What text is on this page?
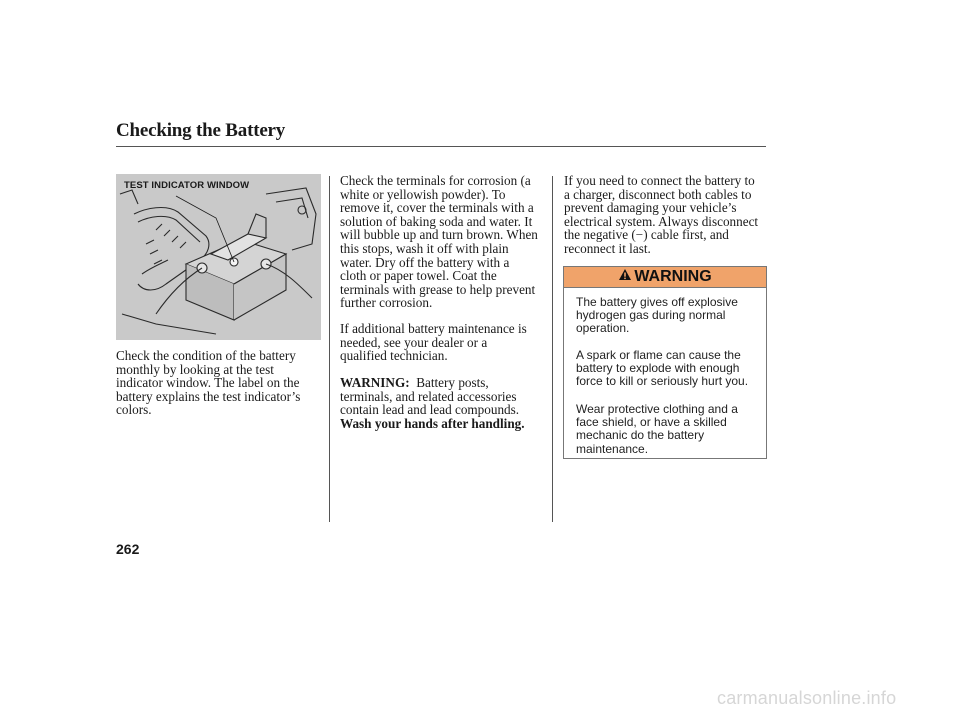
Checking the Battery
TEST INDICATOR WINDOW

Check the condition of the battery
monthly by looking at the test
indicator window. The label on the
battery explains the test indicator’s
colors.

Check the terminals for corrosion (a
white or yellowish powder). To
remove it, cover the terminals with a
solution of baking soda and water. It
will bubble up and turn brown. When
this stops, wash it off with plain
water. Dry off the battery with a
cloth or paper towel. Coat the
terminals with grease to help prevent
further corrosion.

If additional battery maintenance is
needed, see your dealer or a
qualified technician.

WARNING: Battery posts,
terminals, and related accessories
contain lead and lead compounds.
Wash your hands after handling.

If you need to connect the battery to
a charger, disconnect both cables to
prevent damaging your vehicle’s
electrical system. Always disconnect
the negative (−) cable first, and
reconnect it last.

WARNING

The battery gives off explosive
hydrogen gas during normal
operation.

A spark or flame can cause the
battery to explode with enough
force to kill or seriously hurt you.

Wear protective clothing and a
face shield, or have a skilled
mechanic do the battery
maintenance.

262
carmanualsonline.info
